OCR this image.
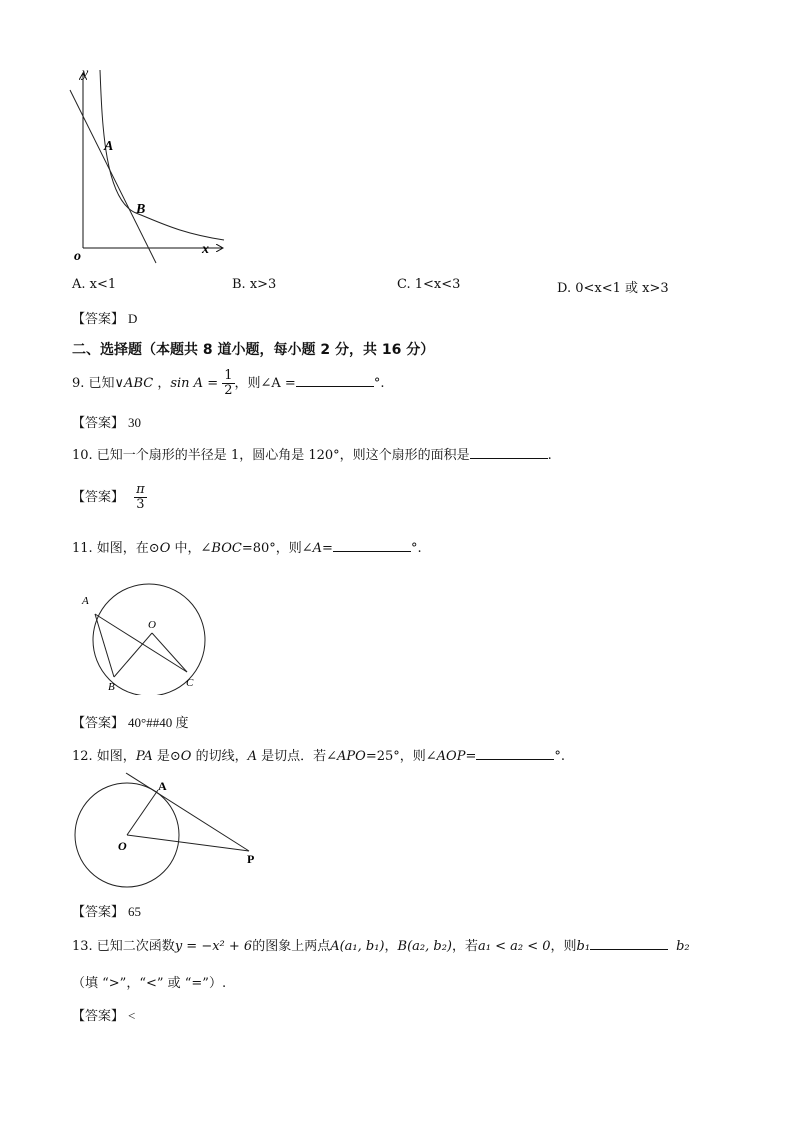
y
x
o
A
B
A. x<1	B. x>3	C. 1<x<3	D. 0<x<1 或 x>3
【答案】 D
二、选择题（本题共 8 道小题，每小题 2 分，共 16 分）
9. 已知∨ABC ，$\sin A = \frac{1}{2}$ ，则∠A =	°.
【答案】 30
10. 已知一个扇形的半径是 1，圆心角是 120°，则这个扇形的面积是	.
【答案】 $\frac{\pi}{3}$
11. 如图，在⊙O 中，∠BOC=80°，则∠A=	°.
A
O
B	C
【答案】 40°##40 度
12. 如图，PA 是⊙O 的切线，A 是切点．若∠APO=25°，则∠AOP=	°.
A
O
P
【答案】 65
13. 已知二次函数y = −x² + 6的图象上两点A(a₁, b₁)，B(a₂, b₂)，若a₁ < a₂ < 0，则b₁	b₂
（填 “>”，“<” 或 “=”）.
【答案】 <
